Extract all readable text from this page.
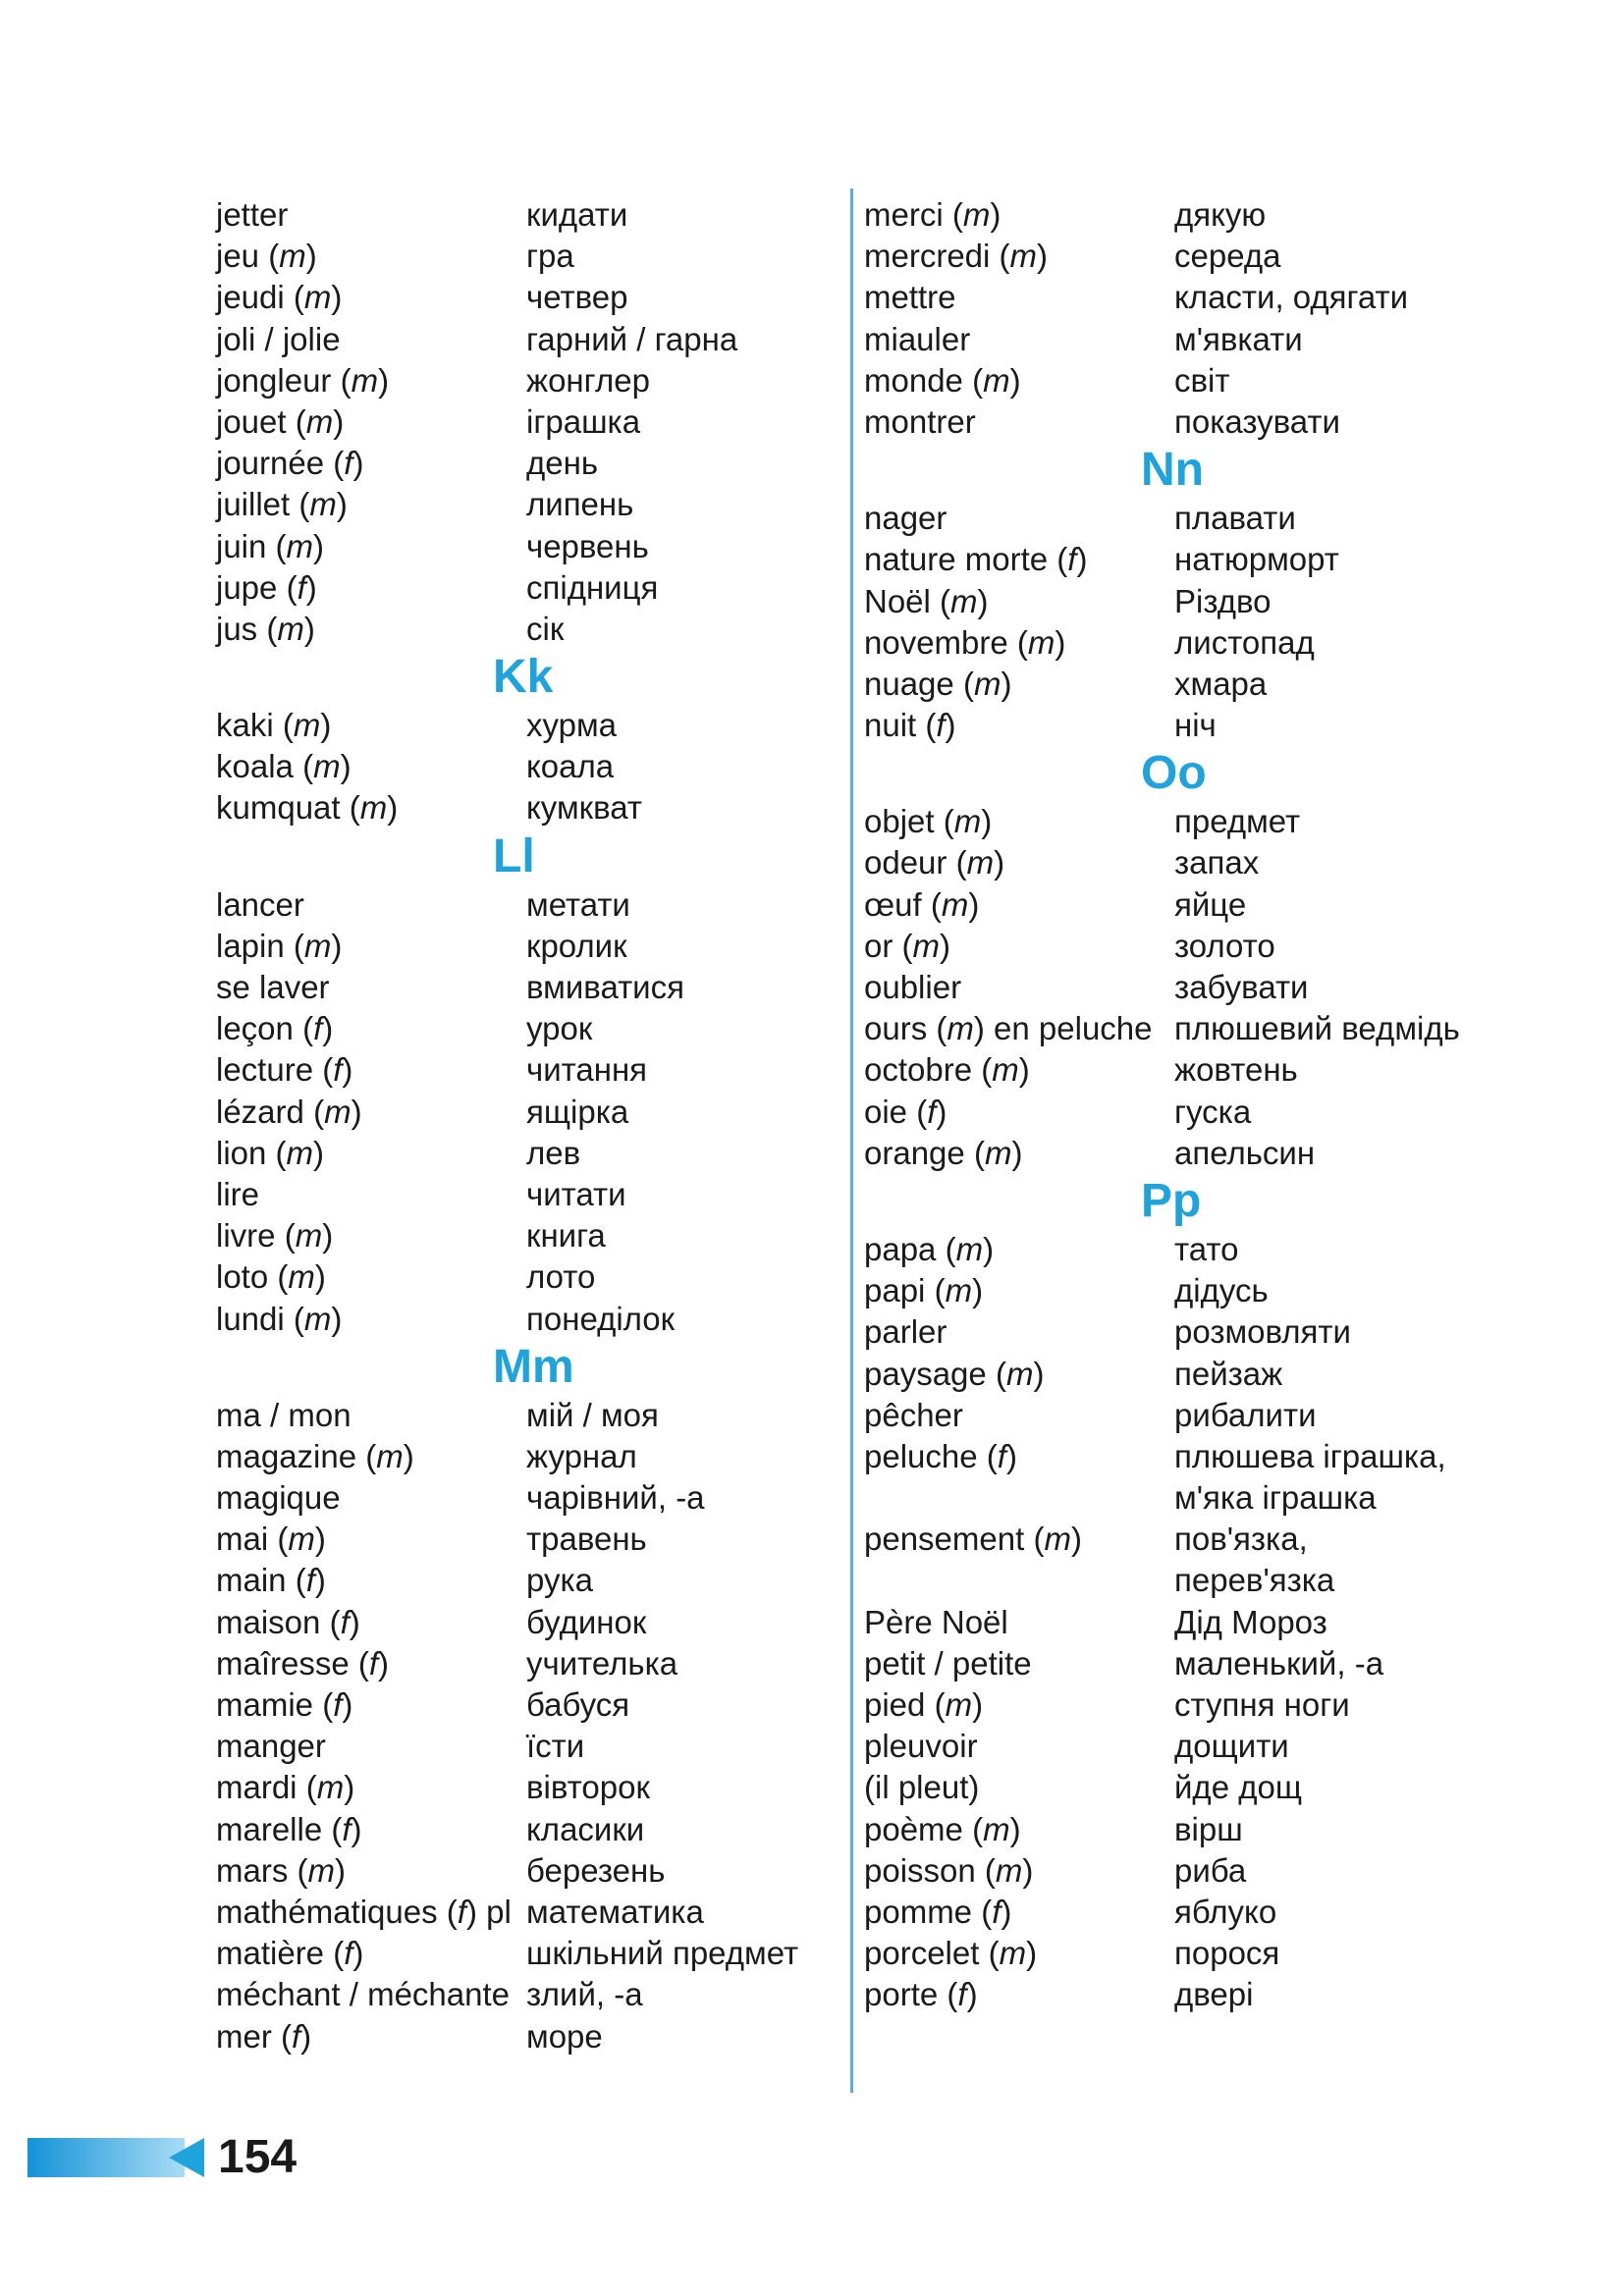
jetter	кидати
jeu (m)	гра
jeudi (m)	четвер
joli / jolie	гарний / гарна
jongleur (m)	жонглер
jouet (m)	іграшка
journée (f)	день
juillet (m)	липень
juin (m)	червень
jupe (f)	спідниця
jus (m)	сік
Kk
kaki (m)	хурма
koala (m)	коала
kumquat (m)	кумкват
Ll
lancer	метати
lapin (m)	кролик
se laver	вмиватися
leçon (f)	урок
lecture (f)	читання
lézard (m)	ящірка
lion (m)	лев
lire	читати
livre (m)	книга
loto (m)	лото
lundi (m)	понеділок
Mm
ma / mon	мій / моя
magazine (m)	журнал
magique	чарівний, -а
mai (m)	травень
main (f)	рука
maison (f)	будинок
maîresse (f)	учителька
mamie (f)	бабуся
manger	їсти
mardi (m)	вівторок
marelle (f)	класики
mars (m)	березень
mathématiques (f) pl математика
matière (f)	шкільний предмет
méchant / méchante злий, -а
mer (f)	море
merci (m)	дякую
mercredi (m)	середа
mettre	класти, одягати
miauler	м'явкати
monde (m)	світ
montrer	показувати
Nn
nager	плавати
nature morte (f)	натюрморт
Noël (m)	Різдво
novembre (m)	листопад
nuage (m)	хмара
nuit (f)	ніч
Oo
objet (m)	предмет
odeur (m)	запах
œuf (m)	яйце
or (m)	золото
oublier	забувати
ours (m) en peluche плюшевий ведмідь
octobre (m)	жовтень
oie (f)	гуска
orange (m)	апельсин
Pp
papa (m)	тато
papi (m)	дідусь
parler	розмовляти
paysage (m)	пейзаж
pêcher	рибалити
peluche (f)	плюшева іграшка,
м'яка іграшка
pensement (m)	пов'язка,
перев'язка
Père Noël	Дід Мороз
petit / petite	маленький, -а
pied (m)	ступня ноги
pleuvoir	дощити
(il pleut)	йде дощ
poème (m)	вірш
poisson (m)	риба
pomme (f)	яблуко
porcelet (m)	порося
porte (f)	двері
154
